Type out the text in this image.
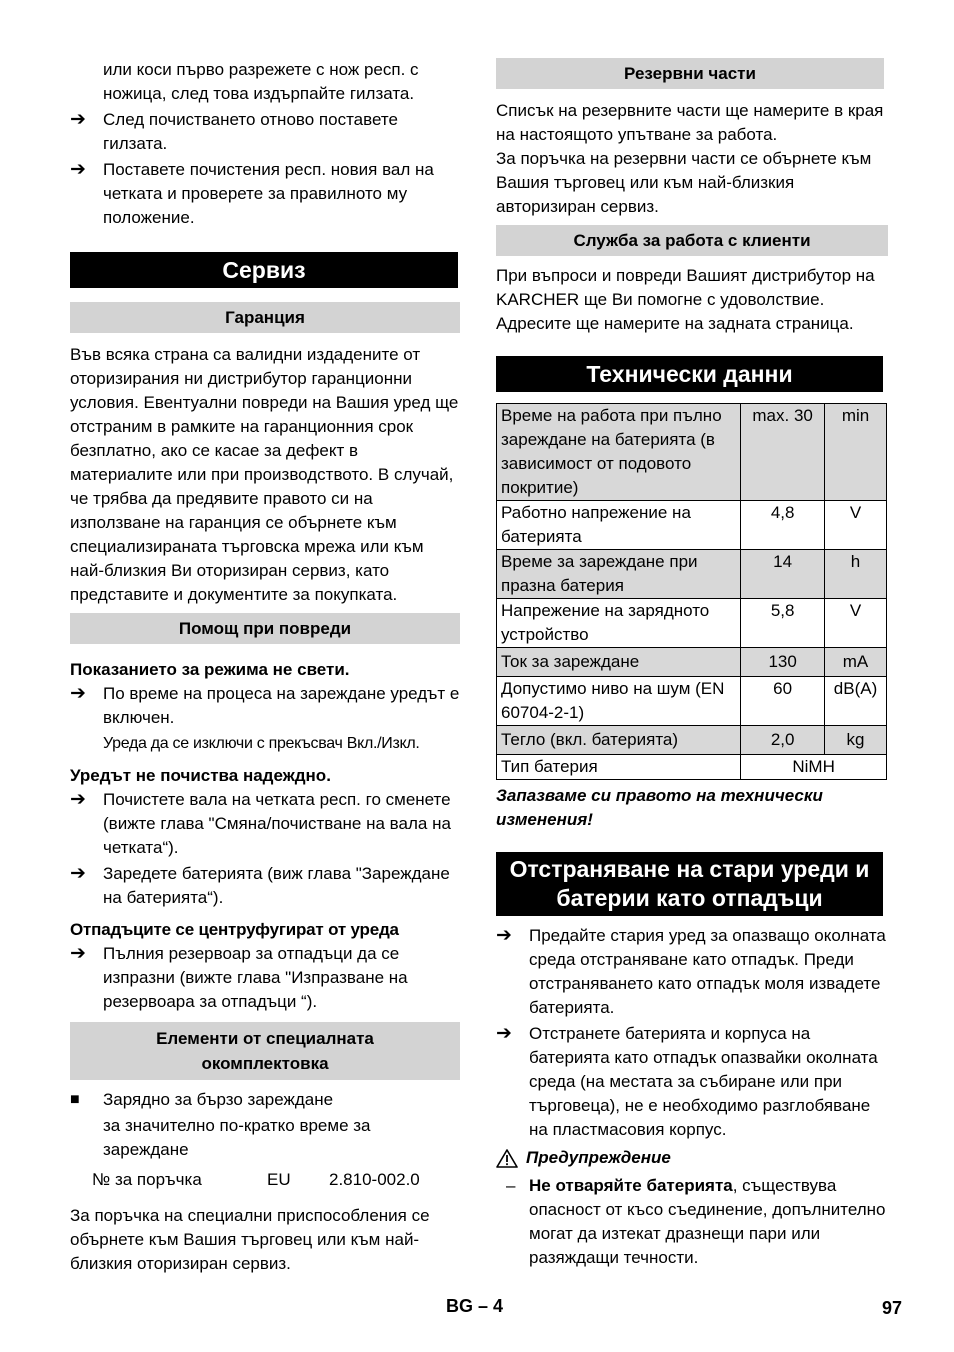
или коси първо разрежете с нож респ. с ножица, след това издърпайте гилзата.

➔	След почистването отново поставете гилзата.

➔	Поставете почистения респ. новия вал на четката и проверете за правилното му положение.

Сервиз
Гаранция

Във всяка страна са валидни издадените от оторизирания ни дистрибутор гаранционни условия. Евентуални повреди на Вашия уред ще отстраним в рамките на гаранционния срок безплатно, ако се касае за дефект в материалите или при производството. В случай, че трябва да предявите правото си на използване на гаранция се обърнете към специализираната търговска мрежа или към най-близкия Ви оторизиран сервиз, като представите и документите за покупката.

Помощ при повреди

Показанието за режима не свети.

➔	По време на процеса на зареждане уредът е включен.

Уреда да се изключи с прекъсвач Вкл./Изкл.

Уредът не почиства надеждно.

➔	Почистете вала на четката респ. го сменете (вижте глава "Смяна/почистване на вала на четката“).

➔	Заредете батерията (виж глава "Зареждане на батерията“).

Отпадъците се центруфугират от уреда

➔	Пълния резервоар за отпадъци да се изпразни (вижте глава "Изпразване на резервоара за отпадъци “).

Елементи от специалната окомплектовка
■	Зарядно за бързо зареждане

за значително по-кратко време за зареждане

№ за поръчка	EU	2.810-002.0

За поръчка на специални приспособления се обърнете към Вашия търговец или към най-близкия оторизиран сервиз.

Резервни части

Списък на резервните части ще намерите в края на настоящото упътване за работа.

За поръчка на резервни части се обърнете към Вашия търговец или към най-близкия авторизиран сервиз.

Служба за работа с клиенти

При въпроси и повреди Вашият дистрибутор на KARCHER ще Ви помогне с удоволствие. Адресите ще намерите на задната страница.

Технически данни
Време на работа при пълно зареждане на батерията (в зависимост от подовото покритие)	max. 30	min
Работно напрежение на батерията	4,8	V
Време за зареждане при празна батерия	14	h
Напрежение на зарядното устройство	5,8	V
Ток за зареждане	130	mA
Допустимо ниво на шум (EN 60704-2-1)	60	dB(A)
Тегло (вкл. батерията)	2,0	kg
Тип батерия	NiMH	

Запазваме си правото на технически изменения!

Отстраняване на стари уреди и батерии като отпадъци
➔	Предайте стария уред за опазващо околната среда отстраняване като отпадък. Преди отстраняването като отпадък моля извадете батерията.

➔	Отстранете батерията и корпуса на батерията като отпадък опазвайки околната среда (на местата за събиране или при търговеца), не е необходимо разглобяване на пластмасовия корпус.

Предупреждение
– Не отваряйте батерията, съществува опасност от късо съединение, допълнително могат да изтекат дразнещи пари или разяждащи течности.

BG – 4	97
